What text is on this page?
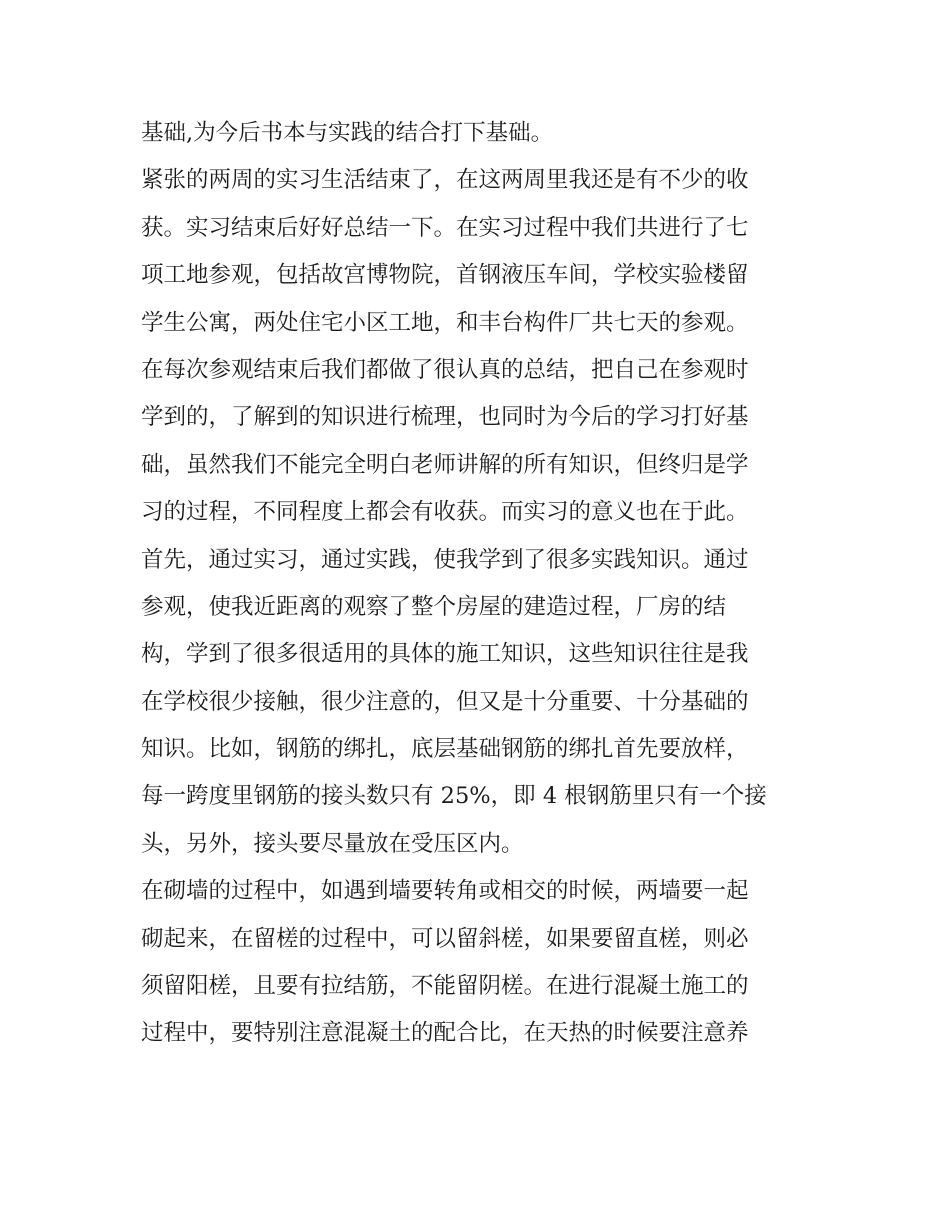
基础,为今后书本与实践的结合打下基础。
紧张的两周的实习生活结束了，在这两周里我还是有不少的收
获。实习结束后好好总结一下。在实习过程中我们共进行了七
项工地参观，包括故宫博物院，首钢液压车间，学校实验楼留
学生公寓，两处住宅小区工地，和丰台构件厂共七天的参观。
在每次参观结束后我们都做了很认真的总结，把自己在参观时
学到的，了解到的知识进行梳理，也同时为今后的学习打好基
础，虽然我们不能完全明白老师讲解的所有知识，但终归是学
习的过程，不同程度上都会有收获。而实习的意义也在于此。
首先，通过实习，通过实践，使我学到了很多实践知识。通过
参观，使我近距离的观察了整个房屋的建造过程，厂房的结
构，学到了很多很适用的具体的施工知识，这些知识往往是我
在学校很少接触，很少注意的，但又是十分重要、十分基础的
知识。比如，钢筋的绑扎，底层基础钢筋的绑扎首先要放样，
每一跨度里钢筋的接头数只有 25%，即 4 根钢筋里只有一个接
头，另外，接头要尽量放在受压区内。
在砌墙的过程中，如遇到墙要转角或相交的时候，两墙要一起
砌起来，在留槎的过程中，可以留斜槎，如果要留直槎，则必
须留阳槎，且要有拉结筋，不能留阴槎。在进行混凝土施工的
过程中，要特别注意混凝土的配合比，在天热的时候要注意养
